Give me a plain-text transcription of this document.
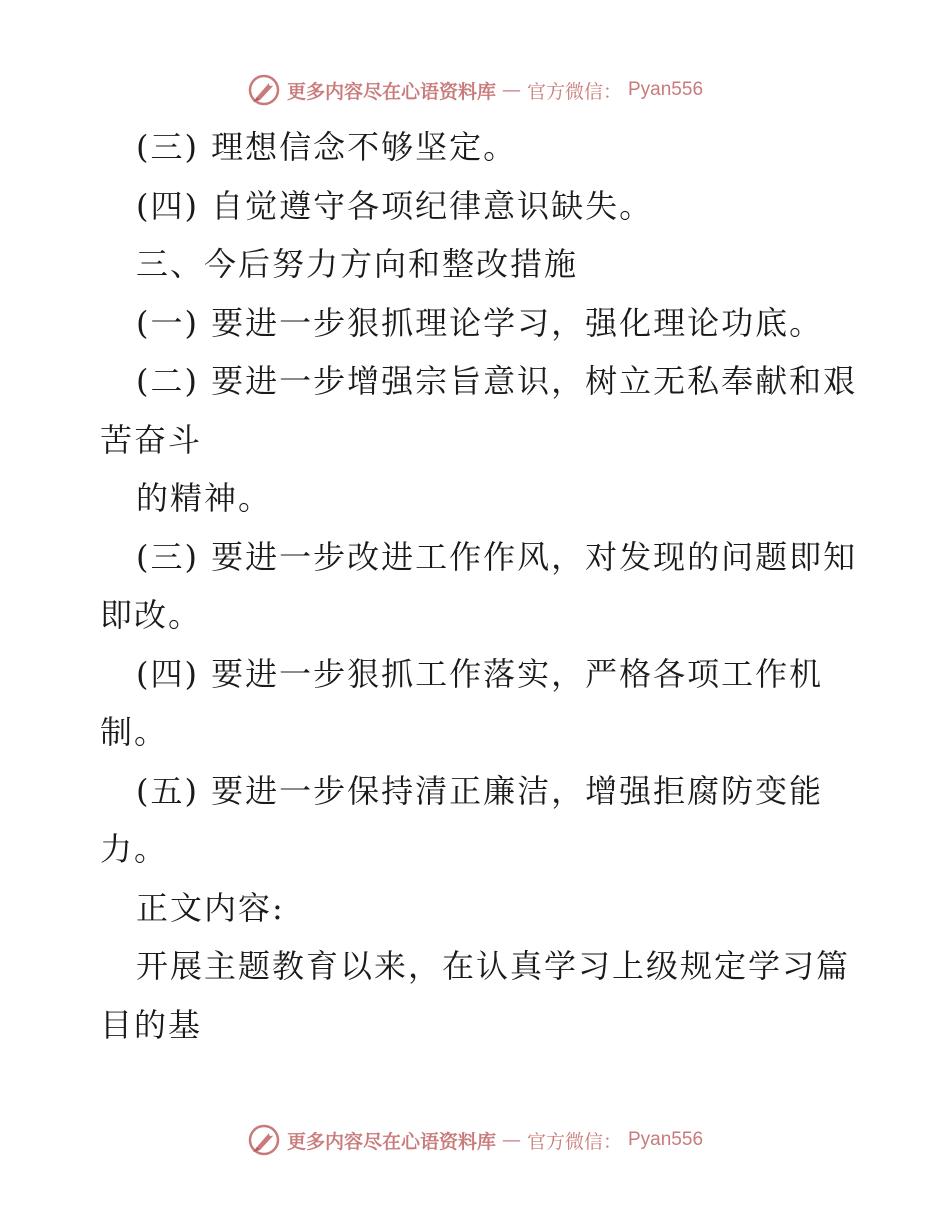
更多内容尽在心语资料库 — 官方微信： Pyan556
(三) 理想信念不够坚定。
(四) 自觉遵守各项纪律意识缺失。
三、今后努力方向和整改措施
(一) 要进一步狠抓理论学习，强化理论功底。
(二) 要进一步增强宗旨意识，树立无私奉献和艰
苦奋斗
的精神。
(三) 要进一步改进工作作风，对发现的问题即知
即改。
(四) 要进一步狠抓工作落实，严格各项工作机
制。
(五) 要进一步保持清正廉洁，增强拒腐防变能
力。
正文内容:
开展主题教育以来，在认真学习上级规定学习篇
目的基
更多内容尽在心语资料库 — 官方微信： Pyan556
